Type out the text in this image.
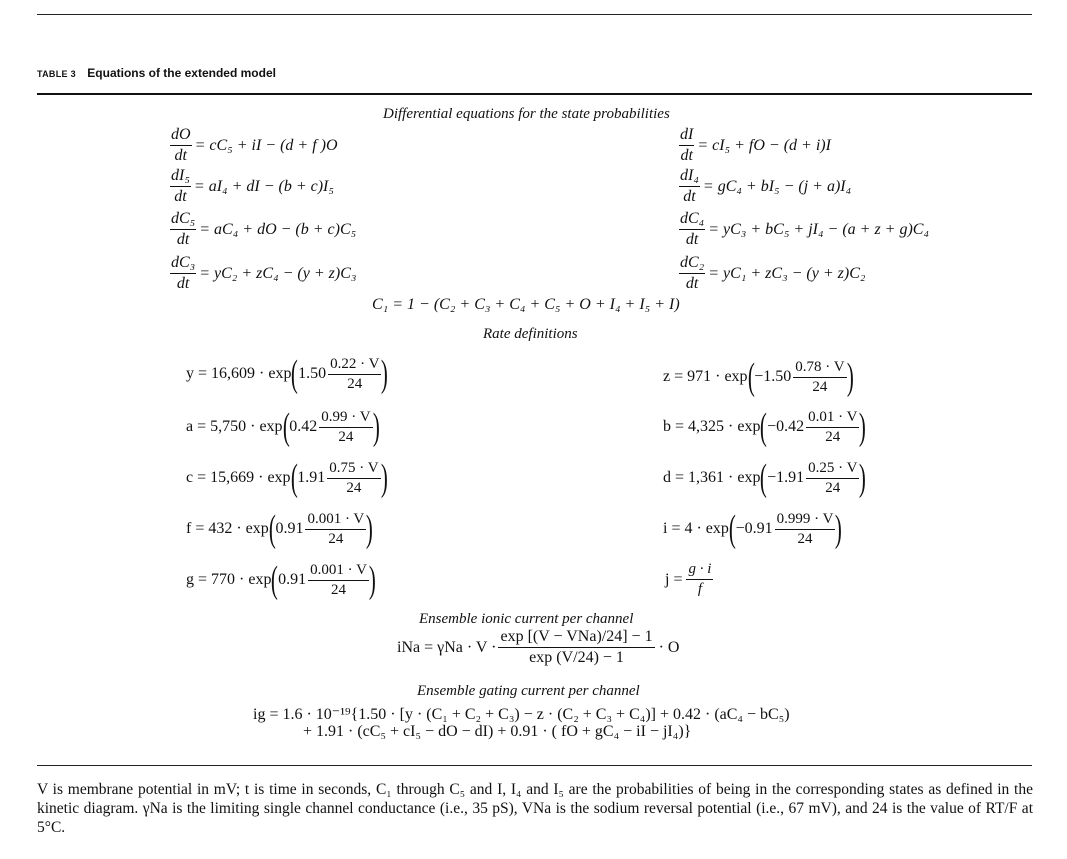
TABLE 3 Equations of the extended model
Differential equations for the state probabilities
Rate definitions
Ensemble ionic current per channel
Ensemble gating current per channel
$\frac{dO}{dt} = cC_5$ + iI − (d + f )O	$\frac{dI}{dt} = cI_5$ + fO − (d + i)I
$\frac{\text{dI₅}}{dt} = aI_4$ + dI − (b + c)I₅	$\frac{\text{dI₄}}{dt} = gC_4 + bI_5 - (j + a)I_4$
$\frac{\text{dC₅}}{dt} = aC_4$ + dO − (b + c)C₅	$\frac{\text{dC₄}}{dt} = yC_3 + bC_5 + jI_4 - (a + z + g)C_4$
$\frac{\text{dC₃}}{dt} = yC_2 + zC_4 - (y + z)C_3$	$\frac{\text{dC₂}}{dt} = yC_1 + zC_3 - (y + z)C_2$
C₁ = 1 − (C₂ + C₃ + C₄ + C₅ + O + I₄ + I₅ + I)
y = 16,609 · exp ( $1.50 \frac{0.22 \cdot V}{24}$ )	z = 971 · exp ( $-1.50 \frac{0.78 \cdot V}{24}$ )
a = 5,750 · exp ( $0.42 \frac{0.99 \cdot V}{24}$ )	b = 4,325 · exp ( $-0.42 \frac{0.01 \cdot V}{24}$ )
c = 15,669 · exp ( $1.91 \frac{0.75 \cdot V}{24}$ )	d = 1,361 · exp ( $-1.91 \frac{0.25 \cdot V}{24}$ )
f = 432 · exp ( $0.91 \frac{0.001 \cdot V}{24}$ )	i = 4 · exp ( $-0.91 \frac{0.999 \cdot V}{24}$ )
g = 770 · exp ( $0.91 \frac{0.001 \cdot V}{24}$ )	$j = \frac{g \cdot i}{f}$
iNa = $\gamma Na \cdot V \cdot \frac{\text{exp [(V − VNa)/24] − 1}}{\exp (V/24) - 1} \cdot O$
ig = 1.6 · 10⁻¹⁹{1.50 · [y · (C₁ + C₂ + C₃) − z · (C₂ + C₃ + C₄)] + 0.42 · (aC₄ − bC₅)
+ 1.91 · (cC₅ + cI₅ − dO − dI) + 0.91 · ( fO + gC₄ − iI − jI₄)}
V is membrane potential in mV; t is time in seconds, C₁ through C₅ and I, I₄ and I₅ are the probabilities of being in the corresponding states as defined in the kinetic diagram. γNa is the limiting single channel conductance (i.e., 35 pS), VNa is the sodium reversal potential (i.e., 67 mV), and 24 is the value of RT/F at 5°C.
